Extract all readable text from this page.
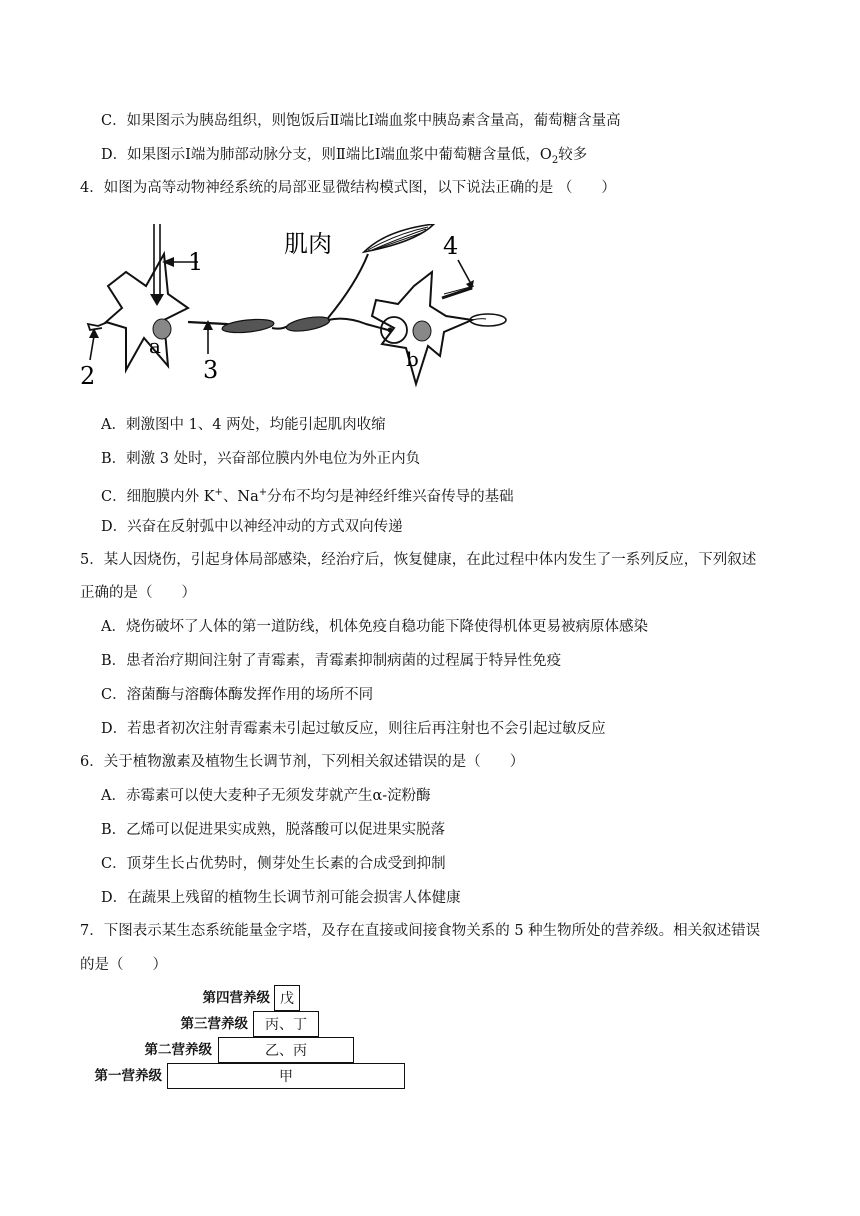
C．如果图示为胰岛组织，则饱饭后Ⅱ端比Ⅰ端血浆中胰岛素含量高，葡萄糖含量高
D．如果图示Ⅰ端为肺部动脉分支，则Ⅱ端比Ⅰ端血浆中葡萄糖含量低，$O_2$较多
4．如图为高等动物神经系统的局部亚显微结构模式图，以下说法正确的是 （　　）
1
2
a
3
肌肉
b
4
A．刺激图中 1、4 两处，均能引起肌肉收缩
B．刺激 3 处时，兴奋部位膜内外电位为外正内负
C．细胞膜内外 K+、Na+分布不均匀是神经纤维兴奋传导的基础
D．兴奋在反射弧中以神经冲动的方式双向传递
5．某人因烧伤，引起身体局部感染，经治疗后，恢复健康，在此过程中体内发生了一系列反应，下列叙述
正确的是（　　）
A．烧伤破坏了人体的第一道防线，机体免疫自稳功能下降使得机体更易被病原体感染
B．患者治疗期间注射了青霉素，青霉素抑制病菌的过程属于特异性免疫
C．溶菌酶与溶酶体酶发挥作用的场所不同
D．若患者初次注射青霉素未引起过敏反应，则往后再注射也不会引起过敏反应
6．关于植物激素及植物生长调节剂，下列相关叙述错误的是（　　）
A．赤霉素可以使大麦种子无须发芽就产生α-淀粉酶
B．乙烯可以促进果实成熟，脱落酸可以促进果实脱落
C．顶芽生长占优势时，侧芽处生长素的合成受到抑制
D．在蔬果上残留的植物生长调节剂可能会损害人体健康
7．下图表示某生态系统能量金字塔，及存在直接或间接食物关系的 5 种生物所处的营养级。相关叙述错误
的是（　　）
第四营养级 戊
第三营养级	丙、丁
第二营养级	乙、丙
第一营养级	甲
